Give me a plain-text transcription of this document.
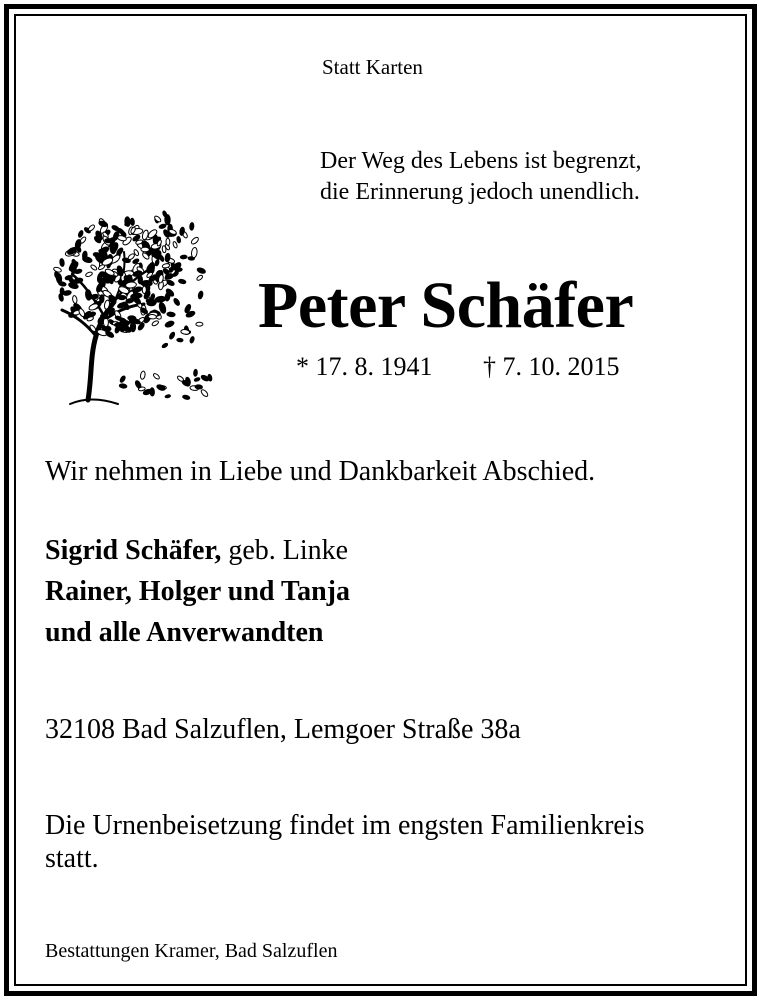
Statt Karten
Der Weg des Lebens ist begrenzt,
die Erinnerung jedoch unendlich.
Peter Schäfer
* 17. 8. 1941 † 7. 10. 2015
Wir nehmen in Liebe und Dankbarkeit Abschied.
Sigrid Schäfer, geb. Linke
Rainer, Holger und Tanja
und alle Anverwandten
32108 Bad Salzuflen, Lemgoer Straße 38a
Die Urnenbeisetzung findet im engsten Familienkreis
statt.
Bestattungen Kramer, Bad Salzuflen
